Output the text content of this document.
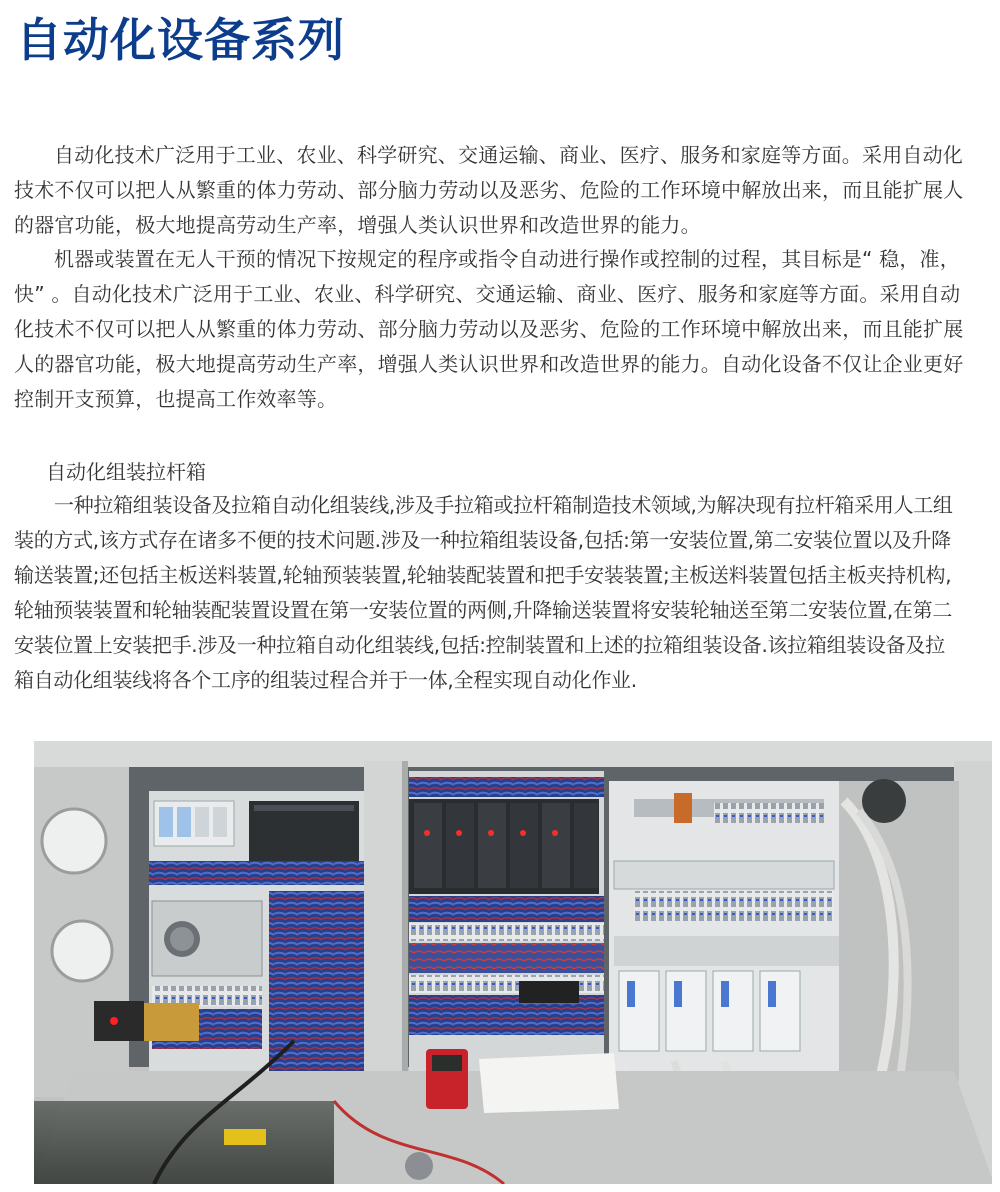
自动化设备系列

自动化技术广泛用于工业、农业、科学研究、交通运输、商业、医疗、服务和家庭等方面。采用自动化技术不仅可以把人从繁重的体力劳动、部分脑力劳动以及恶劣、危险的工作环境中解放出来，而且能扩展人的器官功能，极大地提高劳动生产率，增强人类认识世界和改造世界的能力。

机器或装置在无人干预的情况下按规定的程序或指令自动进行操作或控制的过程，其目标是“ 稳，准，快” 。自动化技术广泛用于工业、农业、科学研究、交通运输、商业、医疗、服务和家庭等方面。采用自动化技术不仅可以把人从繁重的体力劳动、部分脑力劳动以及恶劣、危险的工作环境中解放出来，而且能扩展人的器官功能，极大地提高劳动生产率，增强人类认识世界和改造世界的能力。自动化设备不仅让企业更好控制开支预算，也提高工作效率等。

自动化组装拉杆箱

一种拉箱组装设备及拉箱自动化组装线,涉及手拉箱或拉杆箱制造技术领域,为解决现有拉杆箱采用人工组装的方式,该方式存在诸多不便的技术问题.涉及一种拉箱组装设备,包括:第一安装位置,第二安装位置以及升降输送装置;还包括主板送料装置,轮轴预装装置,轮轴装配装置和把手安装装置;主板送料装置包括主板夹持机构,轮轴预装装置和轮轴装配装置设置在第一安装位置的两侧,升降输送装置将安装轮轴送至第二安装位置,在第二安装位置上安装把手.涉及一种拉箱自动化组装线,包括:控制装置和上述的拉箱组装设备.该拉箱组装设备及拉箱自动化组装线将各个工序的组装过程合并于一体,全程实现自动化作业.
